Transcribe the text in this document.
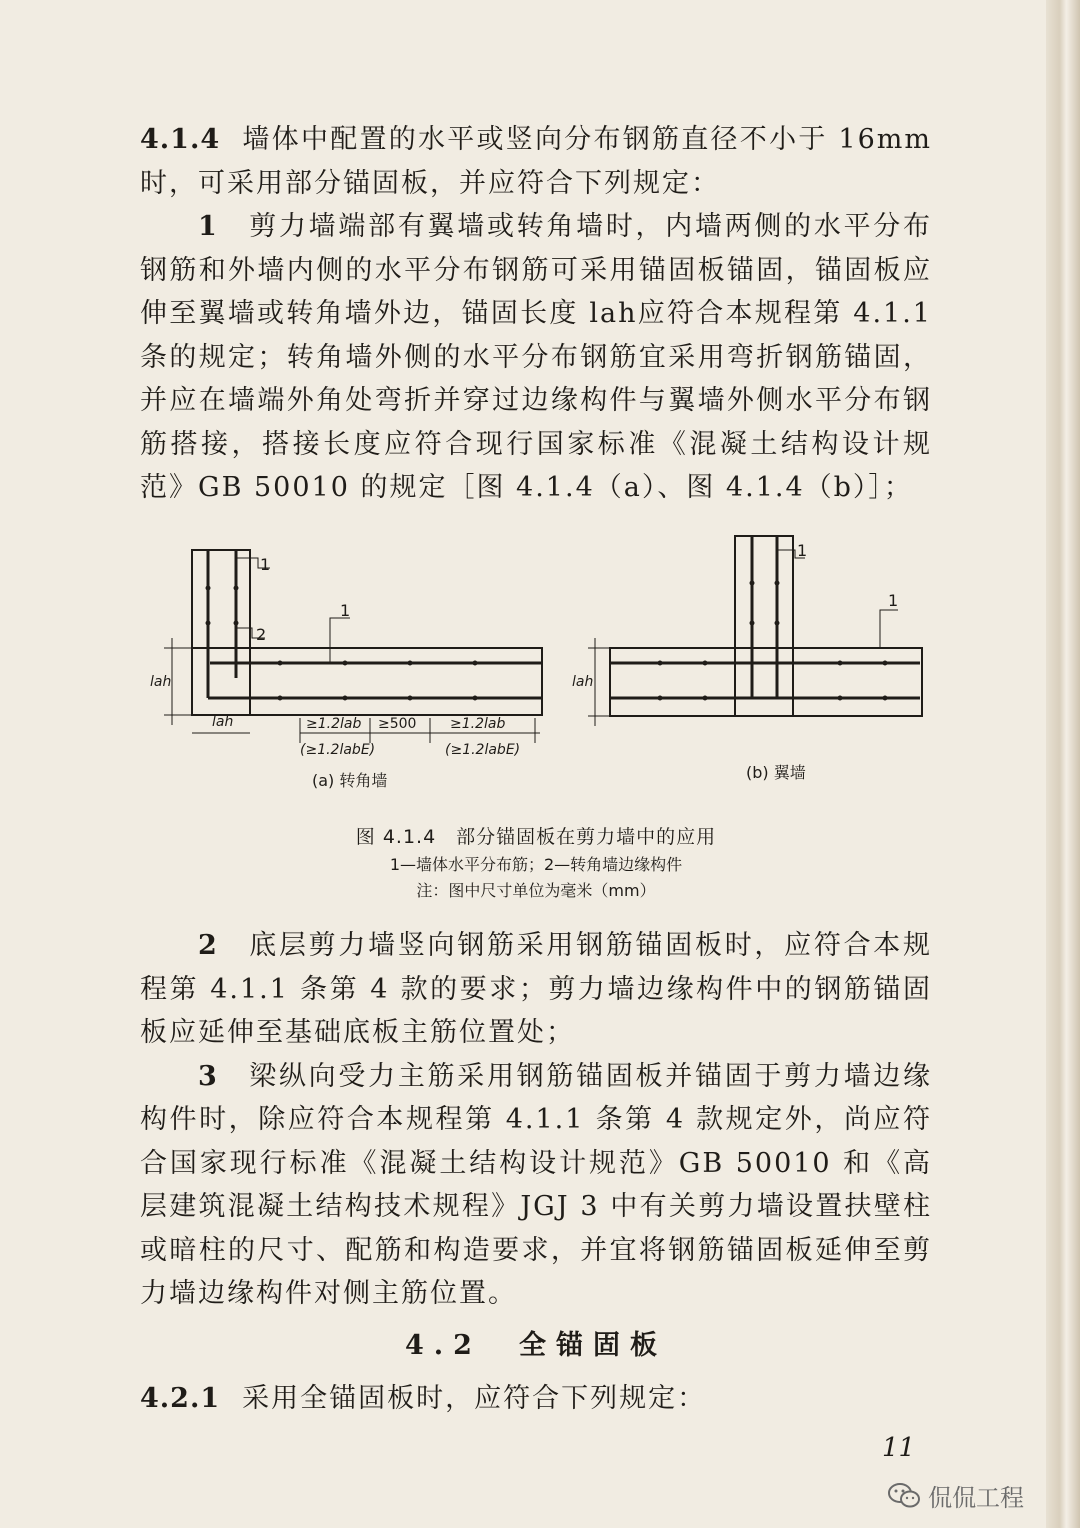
4.1.4 墙体中配置的水平或竖向分布钢筋直径不小于 16mm 时，可采用部分锚固板，并应符合下列规定：

1　 剪力墙端部有翼墙或转角墙时，内墙两侧的水平分布钢筋和外墙内侧的水平分布钢筋可采用锚固板锚固，锚固板应伸至翼墙或转角墙外边，锚固长度 lah应符合本规程第 4.1.1 条的规定；转角墙外侧的水平分布钢筋宜采用弯折钢筋锚固，并应在墙端外角处弯折并穿过边缘构件与翼墙外侧水平分布钢筋搭接，搭接长度应符合现行国家标准《混凝土结构设计规范》GB 50010 的规定［图 4.1.4（a）、图 4.1.4（b）］；

1
2
1
1
1
lah	lah
lah	≥1.2lab
(≥1.2labE)
≥500 ≥1.2lab
(≥1.2labE)
(a) 转角墙	(b) 翼墙
图 4.1.4　部分锚固板在剪力墙中的应用
1—墙体水平分布筋；2—转角墙边缘构件
注：图中尺寸单位为毫米（mm）

2　 底层剪力墙竖向钢筋采用钢筋锚固板时，应符合本规程第 4.1.1 条第 4 款的要求；剪力墙边缘构件中的钢筋锚固板应延伸至基础底板主筋位置处；

3　 梁纵向受力主筋采用钢筋锚固板并锚固于剪力墙边缘构件时，除应符合本规程第 4.1.1 条第 4 款规定外，尚应符合国家现行标准《混凝土结构设计规范》GB 50010 和《高层建筑混凝土结构技术规程》JGJ 3 中有关剪力墙设置扶壁柱或暗柱的尺寸、配筋和构造要求，并宜将钢筋锚固板延伸至剪力墙边缘构件对侧主筋位置。

4.2　全锚固板

4.2.1 采用全锚固板时，应符合下列规定：

11
侃侃工程
